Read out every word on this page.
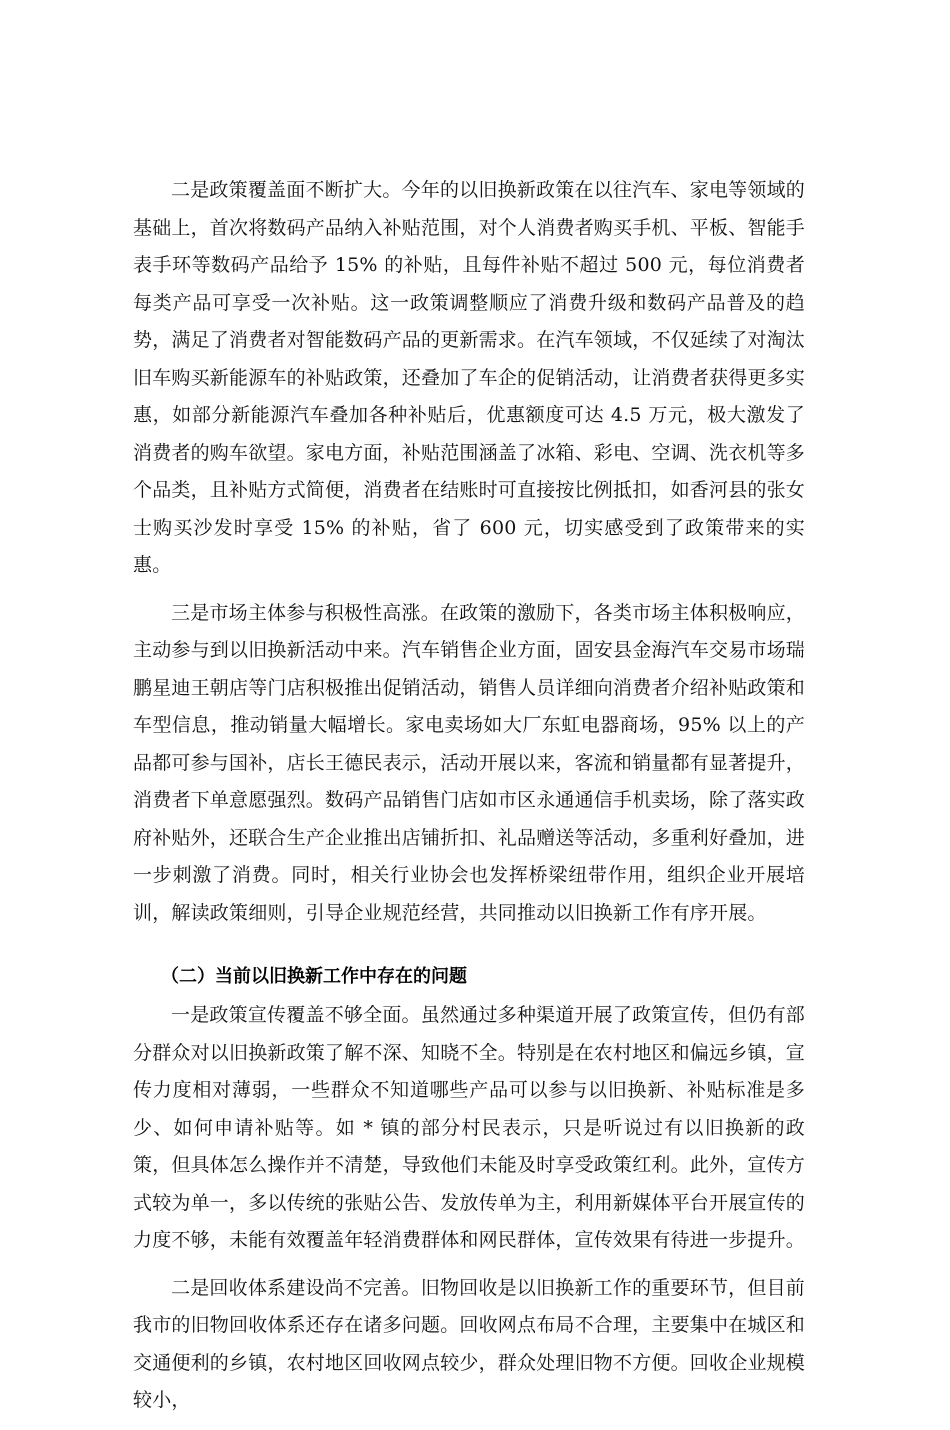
二是政策覆盖面不断扩大。今年的以旧换新政策在以往汽车、家电等领域的基础上，首次将数码产品纳入补贴范围，对个人消费者购买手机、平板、智能手表手环等数码产品给予 15% 的补贴，且每件补贴不超过 500 元，每位消费者每类产品可享受一次补贴。这一政策调整顺应了消费升级和数码产品普及的趋势，满足了消费者对智能数码产品的更新需求。在汽车领域，不仅延续了对淘汰旧车购买新能源车的补贴政策，还叠加了车企的促销活动，让消费者获得更多实惠，如部分新能源汽车叠加各种补贴后，优惠额度可达 4.5 万元，极大激发了消费者的购车欲望。家电方面，补贴范围涵盖了冰箱、彩电、空调、洗衣机等多个品类，且补贴方式简便，消费者在结账时可直接按比例抵扣，如香河县的张女士购买沙发时享受 15% 的补贴，省了 600 元，切实感受到了政策带来的实惠。

三是市场主体参与积极性高涨。在政策的激励下，各类市场主体积极响应，主动参与到以旧换新活动中来。汽车销售企业方面，固安县金海汽车交易市场瑞鹏星迪王朝店等门店积极推出促销活动，销售人员详细向消费者介绍补贴政策和车型信息，推动销量大幅增长。家电卖场如大厂东虹电器商场，95% 以上的产品都可参与国补，店长王德民表示，活动开展以来，客流和销量都有显著提升，消费者下单意愿强烈。数码产品销售门店如市区永通通信手机卖场，除了落实政府补贴外，还联合生产企业推出店铺折扣、礼品赠送等活动，多重利好叠加，进一步刺激了消费。同时，相关行业协会也发挥桥梁纽带作用，组织企业开展培训，解读政策细则，引导企业规范经营，共同推动以旧换新工作有序开展。

（二）当前以旧换新工作中存在的问题

一是政策宣传覆盖不够全面。虽然通过多种渠道开展了政策宣传，但仍有部分群众对以旧换新政策了解不深、知晓不全。特别是在农村地区和偏远乡镇，宣传力度相对薄弱，一些群众不知道哪些产品可以参与以旧换新、补贴标准是多少、如何申请补贴等。如 * 镇的部分村民表示，只是听说过有以旧换新的政策，但具体怎么操作并不清楚，导致他们未能及时享受政策红利。此外，宣传方式较为单一，多以传统的张贴公告、发放传单为主，利用新媒体平台开展宣传的力度不够，未能有效覆盖年轻消费群体和网民群体，宣传效果有待进一步提升。

二是回收体系建设尚不完善。旧物回收是以旧换新工作的重要环节，但目前我市的旧物回收体系还存在诸多问题。回收网点布局不合理，主要集中在城区和交通便利的乡镇，农村地区回收网点较少，群众处理旧物不方便。回收企业规模较小，
